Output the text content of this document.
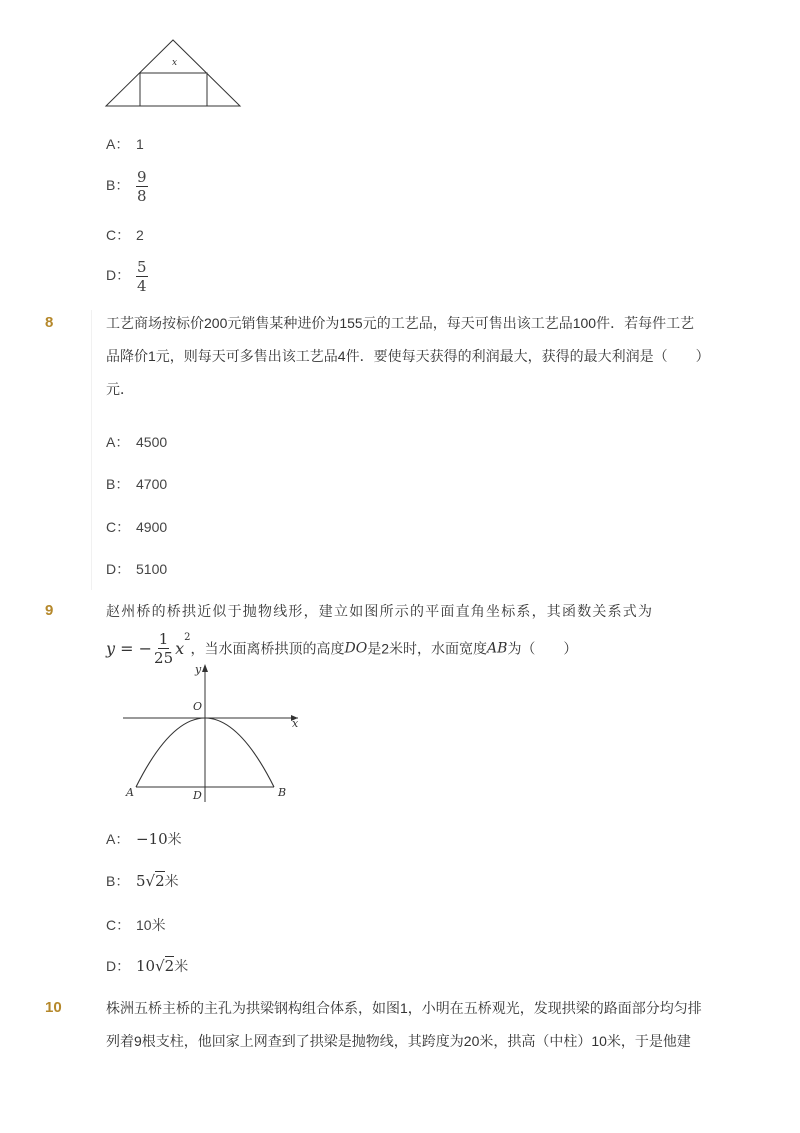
x
A： 1
B： $\frac{9}{8}$
C： 2
D： $\frac{5}{4}$
8	工艺商场按标价200元销售某种进价为155元的工艺品，每天可售出该工艺品100件．若每件工艺
品降价1元，则每天可多售出该工艺品4件．要使每天获得的利润最大，获得的最大利润是（　　）
元．
A： 4500
B： 4700
C： 4900
D： 5100
9	赵州桥的桥拱近似于抛物线形，建立如图所示的平面直角坐标系，其函数关系式为
y = − $\frac{1}{25} x^2$，当水面离桥拱顶的高度DO是2米时，水面宽度AB为（　　）
y
x
O
A	B
D
A： −10米
B： 5√2米
C： 10米
D： 10√2米
10	株洲五桥主桥的主孔为拱梁钢构组合体系，如图1，小明在五桥观光，发现拱梁的路面部分均匀排
列着9根支柱，他回家上网查到了拱梁是抛物线，其跨度为20米，拱高（中柱）10米，于是他建
